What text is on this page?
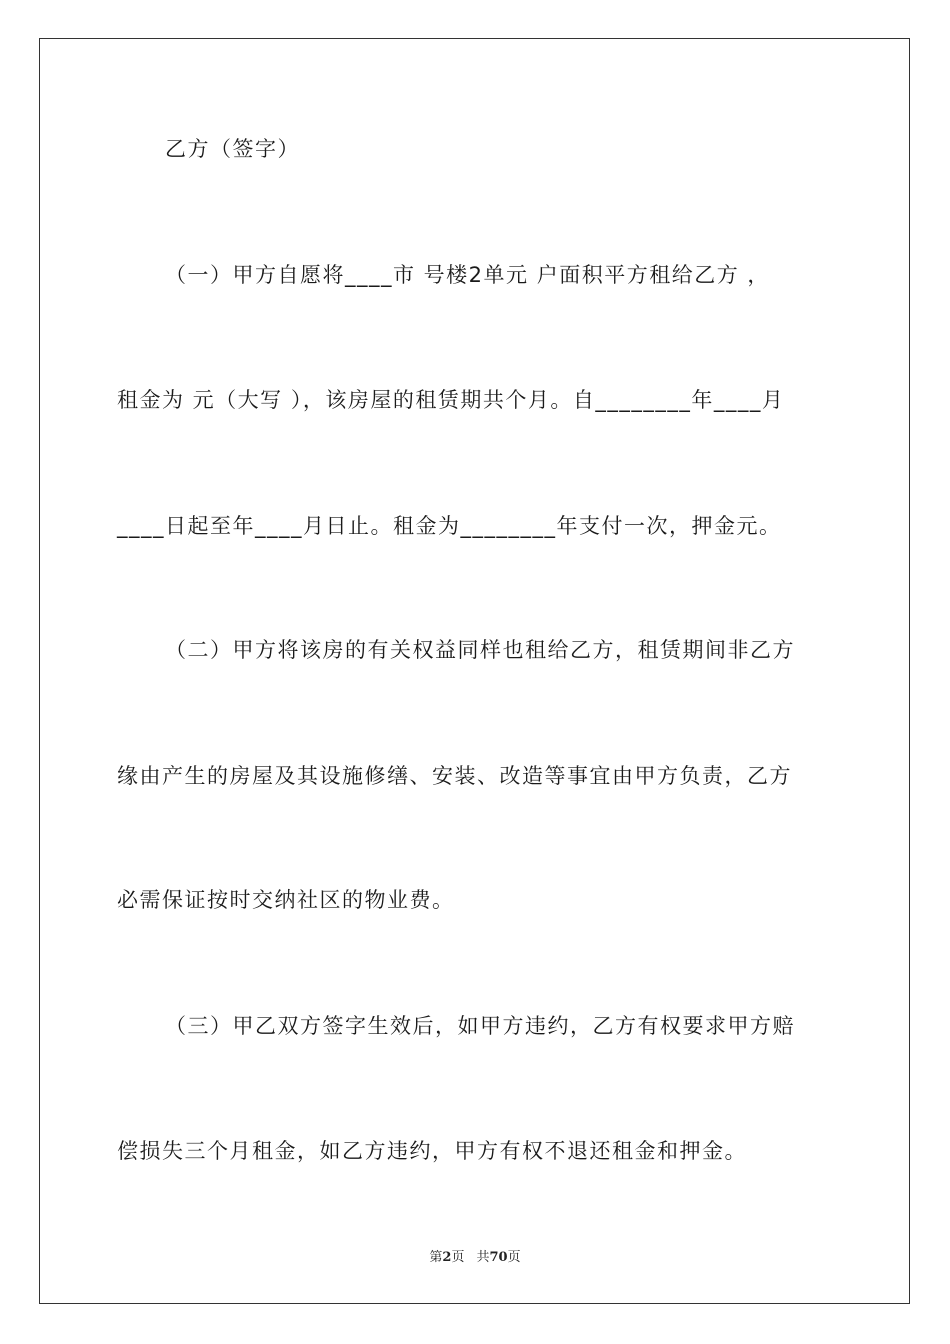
乙方（签字）
（一）甲方自愿将____市 号楼2单元 户面积平方租给乙方 ，
租金为 元（大写 ），该房屋的租赁期共个月。自________年____月
____日起至年____月日止。租金为________年支付一次，押金元。
（二）甲方将该房的有关权益同样也租给乙方，租赁期间非乙方
缘由产生的房屋及其设施修缮、安装、改造等事宜由甲方负责，乙方
必需保证按时交纳社区的物业费。
（三）甲乙双方签字生效后，如甲方违约，乙方有权要求甲方赔
偿损失三个月租金，如乙方违约，甲方有权不退还租金和押金。
第2页 共70页
